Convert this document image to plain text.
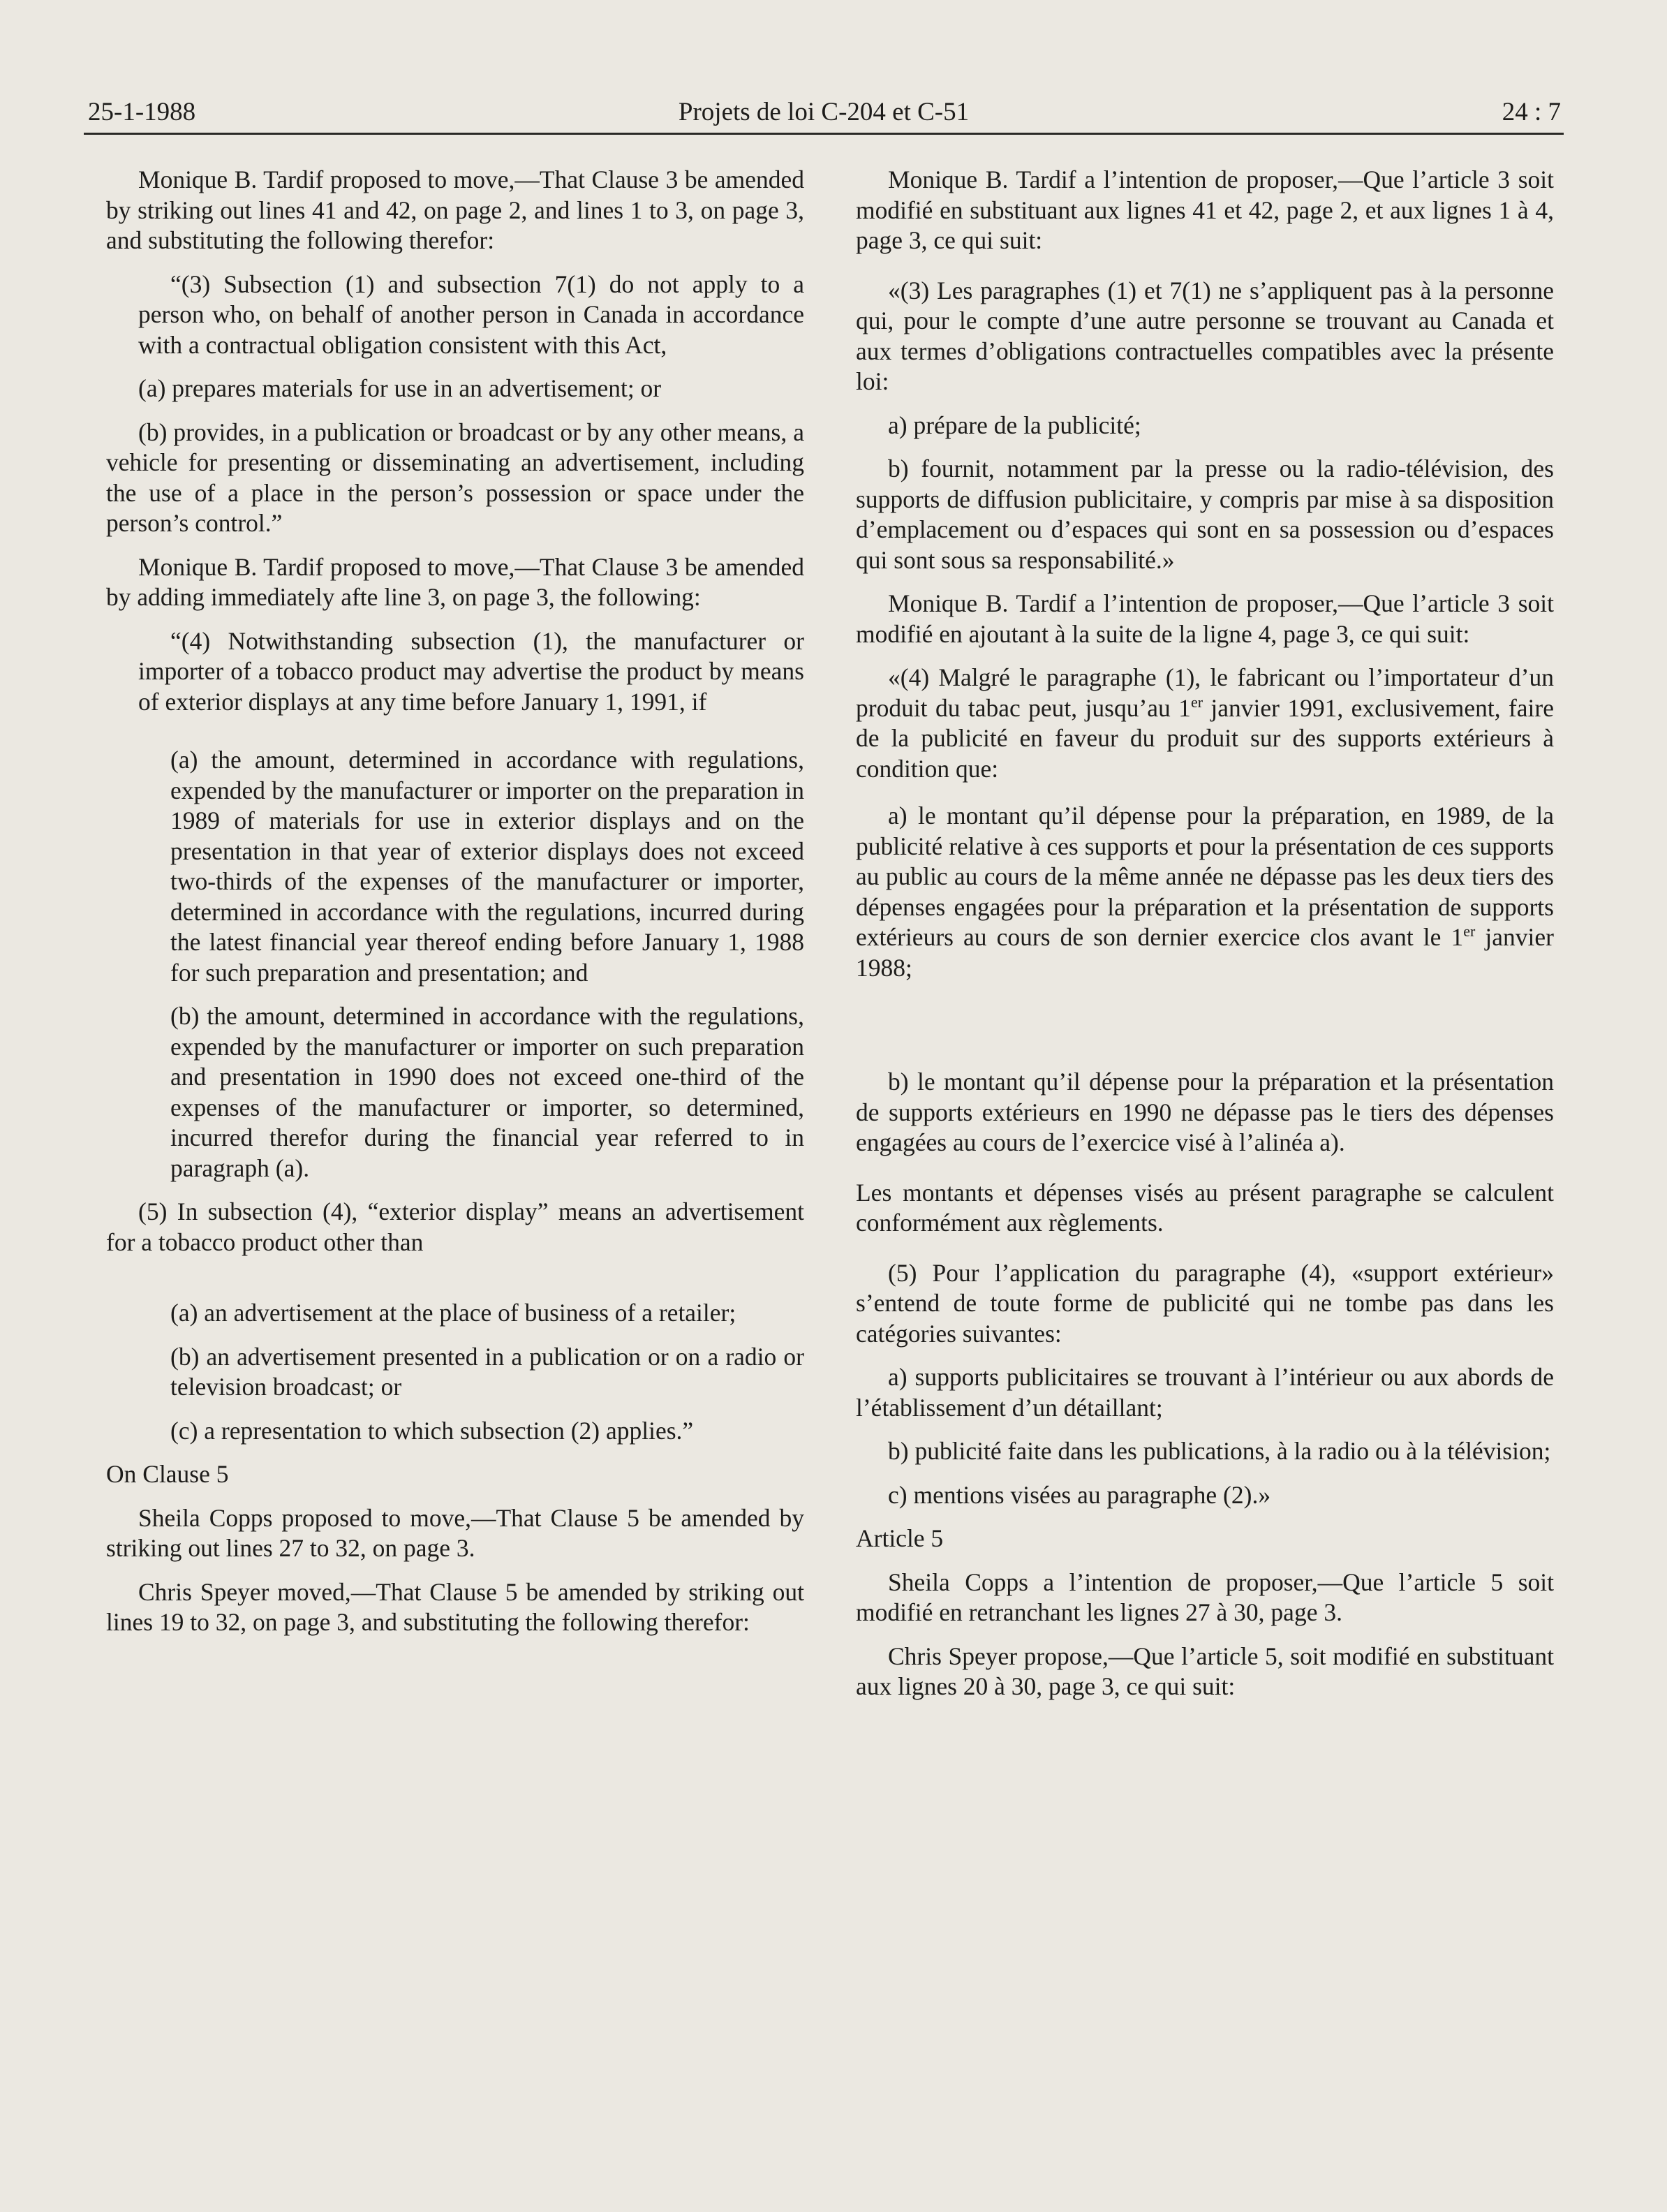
25-1-1988	Projets de loi C-204 et C-51	24 : 7

Monique B. Tardif proposed to move,—That Clause 3 be amended by striking out lines 41 and 42, on page 2, and lines 1 to 3, on page 3, and substituting the following therefor:

“(3) Subsection (1) and subsection 7(1) do not apply to a person who, on behalf of another person in Canada in accordance with a contractual obligation consistent with this Act,

(a) prepares materials for use in an advertisement; or

(b) provides, in a publication or broadcast or by any other means, a vehicle for presenting or disseminating an advertisement, including the use of a place in the person’s possession or space under the person’s control.”

Monique B. Tardif proposed to move,—That Clause 3 be amended by adding immediately afte line 3, on page 3, the following:

“(4) Notwithstanding subsection (1), the manufacturer or importer of a tobacco product may advertise the product by means of exterior displays at any time before January 1, 1991, if

(a) the amount, determined in accordance with regulations, expended by the manufacturer or importer on the preparation in 1989 of materials for use in exterior displays and on the presentation in that year of exterior displays does not exceed two-thirds of the expenses of the manufacturer or importer, determined in accordance with the regulations, incurred during the latest financial year thereof ending before January 1, 1988 for such preparation and presentation; and

(b) the amount, determined in accordance with the regulations, expended by the manufacturer or importer on such preparation and presentation in 1990 does not exceed one-third of the expenses of the manufacturer or importer, so determined, incurred therefor during the financial year referred to in paragraph (a).

(5) In subsection (4), “exterior display” means an advertisement for a tobacco product other than

(a) an advertisement at the place of business of a retailer;

(b) an advertisement presented in a publication or on a radio or television broadcast; or

(c) a representation to which subsection (2) applies.”

On Clause 5

Sheila Copps proposed to move,—That Clause 5 be amended by striking out lines 27 to 32, on page 3.

Chris Speyer moved,—That Clause 5 be amended by striking out lines 19 to 32, on page 3, and substituting the following therefor:

Monique B. Tardif a l’intention de proposer,—Que l’article 3 soit modifié en substituant aux lignes 41 et 42, page 2, et aux lignes 1 à 4, page 3, ce qui suit:

«(3) Les paragraphes (1) et 7(1) ne s’appliquent pas à la personne qui, pour le compte d’une autre personne se trouvant au Canada et aux termes d’obligations contractuelles compatibles avec la présente loi:

a) prépare de la publicité;

b) fournit, notamment par la presse ou la radio-télévision, des supports de diffusion publicitaire, y compris par mise à sa disposition d’emplacement ou d’espaces qui sont en sa possession ou d’espaces qui sont sous sa responsabilité.»

Monique B. Tardif a l’intention de proposer,—Que l’article 3 soit modifié en ajoutant à la suite de la ligne 4, page 3, ce qui suit:

«(4) Malgré le paragraphe (1), le fabricant ou l’importateur d’un produit du tabac peut, jusqu’au 1er janvier 1991, exclusivement, faire de la publicité en faveur du produit sur des supports extérieurs à condition que:

a) le montant qu’il dépense pour la préparation, en 1989, de la publicité relative à ces supports et pour la présentation de ces supports au public au cours de la même année ne dépasse pas les deux tiers des dépenses engagées pour la préparation et la présentation de supports extérieurs au cours de son dernier exercice clos avant le 1er janvier 1988;

b) le montant qu’il dépense pour la préparation et la présentation de supports extérieurs en 1990 ne dépasse pas le tiers des dépenses engagées au cours de l’exercice visé à l’alinéa a).

Les montants et dépenses visés au présent paragraphe se calculent conformément aux règlements.

(5) Pour l’application du paragraphe (4), «support extérieur» s’entend de toute forme de publicité qui ne tombe pas dans les catégories suivantes:

a) supports publicitaires se trouvant à l’intérieur ou aux abords de l’établissement d’un détaillant;

b) publicité faite dans les publications, à la radio ou à la télévision;

c) mentions visées au paragraphe (2).»

Article 5

Sheila Copps a l’intention de proposer,—Que l’article 5 soit modifié en retranchant les lignes 27 à 30, page 3.

Chris Speyer propose,—Que l’article 5, soit modifié en substituant aux lignes 20 à 30, page 3, ce qui suit:
